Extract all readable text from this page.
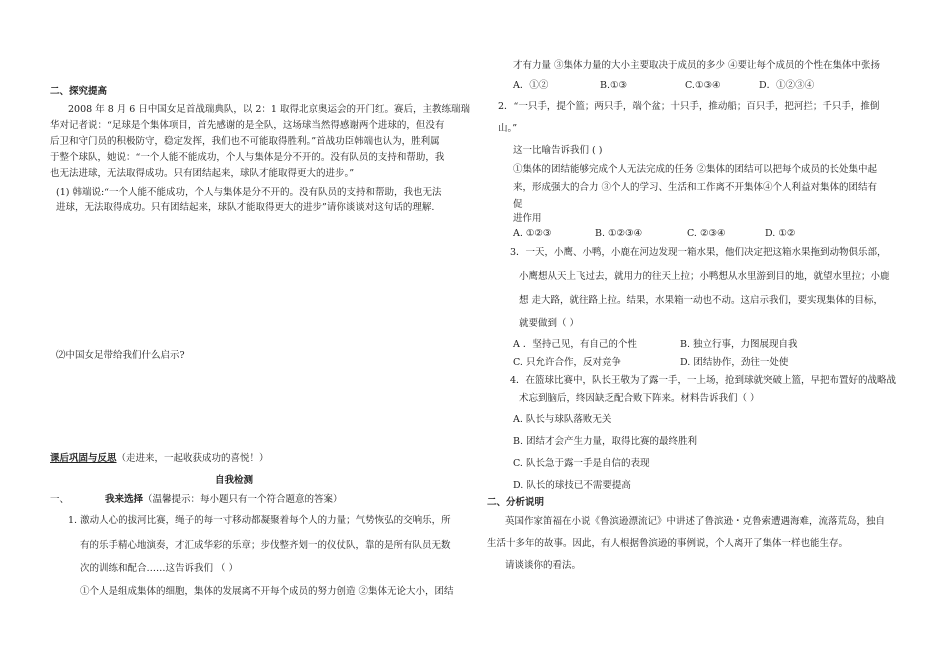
二、探究提高
2008 年 8 月 6 日中国女足首战瑞典队，以 2：1 取得北京奥运会的开门红。赛后，主教练瑞瑞
华对记者说：“足球是个集体项目，首先感谢的是全队，这场球当然得感谢两个进球的，但没有
后卫和守门员的积极防守，稳定发挥，我们也不可能取得胜利。”首战功臣韩端也认为，胜利属
于整个球队，她说：“一个人能不能成功，个人与集体是分不开的。没有队员的支持和帮助，我
也无法进球，无法取得成功。只有团结起来，球队才能取得更大的进步。”
(1) 韩端说:“一个人能不能成功，个人与集体是分不开的。没有队员的支持和帮助，我也无法
进球，无法取得成功。只有团结起来，球队才能取得更大的进步”请你谈谈对这句话的理解.
⑵中国女足带给我们什么启示?
课后巩固与反思（走进来，一起收获成功的喜悦！）
自我检测
一、	我来选择（温馨提示：每小题只有一个符合题意的答案）
1. 激动人心的拔河比赛，绳子的每一寸移动都凝聚着每个人的力量；气势恢弘的交响乐，所
有的乐手精心地演奏，才汇成华彩的乐章；步伐整齐划一的仪仗队，靠的是所有队员无数
次的训练和配合……这告诉我们 （ ）
①个人是组成集体的细胞，集体的发展离不开每个成员的努力创造 ②集体无论大小，团结
才有力量 ③集体力量的大小主要取决于成员的多少 ④要让每个成员的个性在集体中张扬
A．①②	B.①③	C.①③④	D．①②③④
2．“一只手，提个篮；两只手，端个盆；十只手，推动船；百只手，把河拦；千只手，推倒
山。”
这一比喻告诉我们 ( )
①集体的团结能够完成个人无法完成的任务 ②集体的团结可以把每个成员的长处集中起
来，形成强大的合力 ③个人的学习、生活和工作离不开集体④个人利益对集体的团结有
促
进作用
A. ①②③	B. ①②③④	C. ②③④	D. ①②
3．一天，小鹰、小鸭，小鹿在河边发现一箱水果，他们决定把这箱水果拖到动物俱乐部，
小鹰想从天上飞过去，就用力的往天上拉；小鸭想从水里游到目的地，就望水里拉；小鹿
想 走大路，就往路上拉。结果，水果箱一动也不动。这启示我们，要实现集体的目标，
就要做到（ ）
A ．坚持己见，有自己的个性	B. 独立行事，力图展现自我
C. 只允许合作，反对竞争	D. 团结协作，劲往一处使
4．在篮球比赛中，队长王敬为了露一手，一上场，抢到球就突破上篮，早把布置好的战略战
术忘到脑后，终因缺乏配合败下阵来。材料告诉我们（ ）
A. 队长与球队落败无关
B. 团结才会产生力量，取得比赛的最终胜利
C. 队长急于露一手是自信的表现
D. 队长的球技已不需要提高
二、分析说明
英国作家笛福在小说《鲁滨逊漂流记》中讲述了鲁滨逊・克鲁索遭遇海难，流落荒岛，独自
生活十多年的故事。因此，有人根据鲁滨逊的事例说，个人离开了集体一样也能生存。
请谈谈你的看法。
